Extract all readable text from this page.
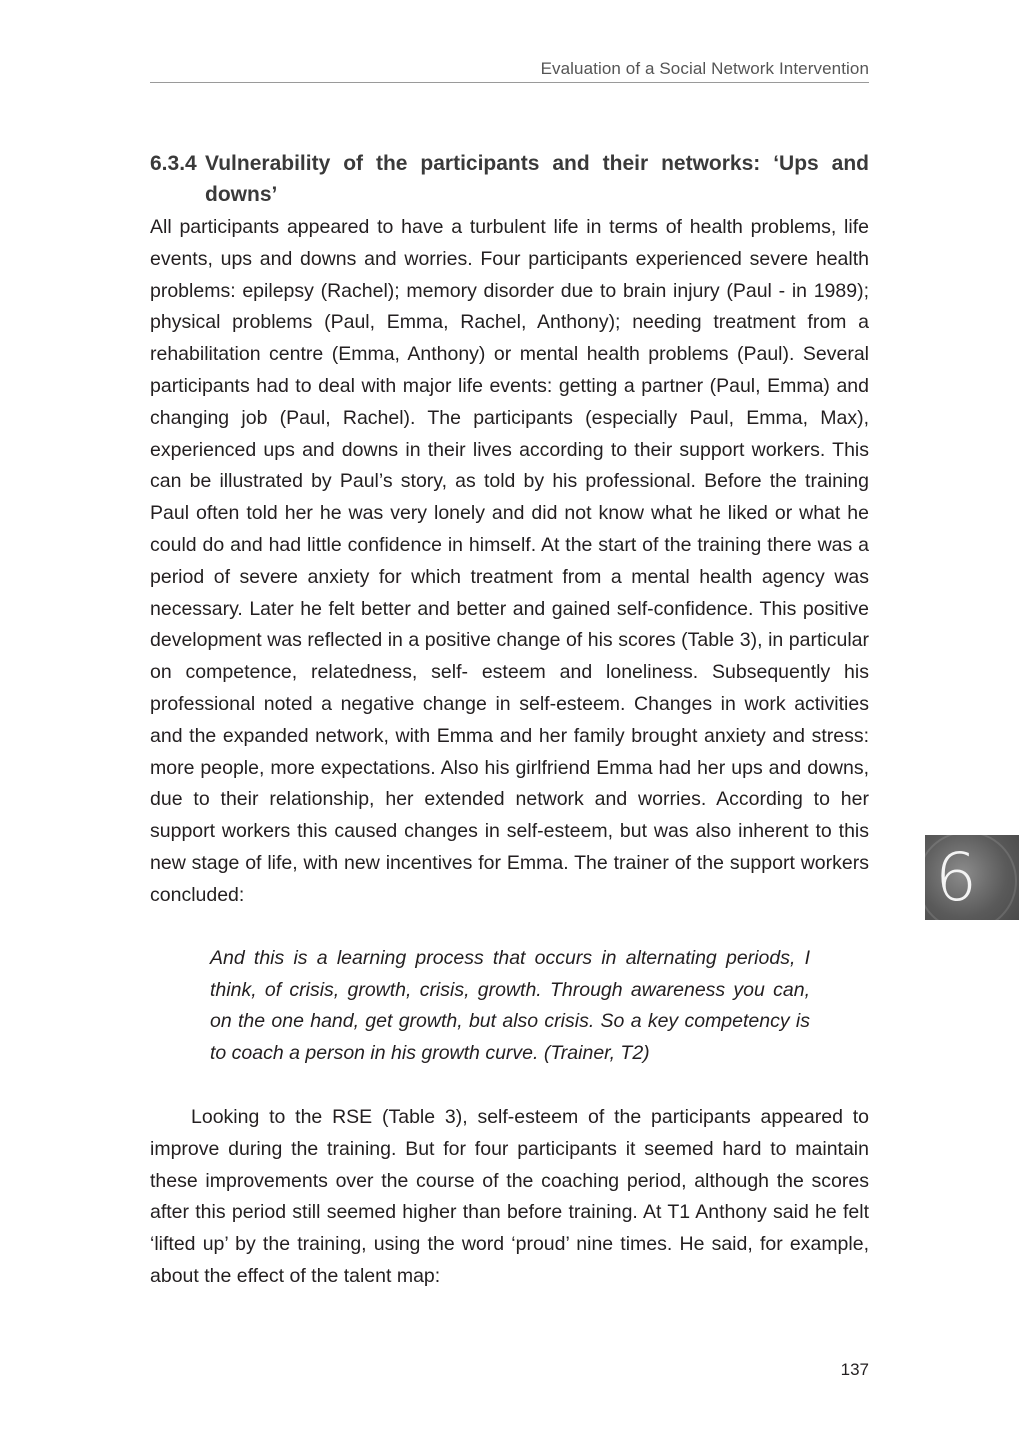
Evaluation of a Social Network Intervention
6.3.4 Vulnerability of the participants and their networks: ‘Ups and downs’

All participants appeared to have a turbulent life in terms of health problems, life events, ups and downs and worries. Four participants experienced severe health problems: epilepsy (Rachel); memory disorder due to brain injury (Paul - in 1989); physical problems (Paul, Emma, Rachel, Anthony); needing treatment from a rehabilitation centre (Emma, Anthony) or mental health problems (Paul). Several participants had to deal with major life events: getting a partner (Paul, Emma) and changing job (Paul, Rachel). The participants (especially Paul, Emma, Max), experienced ups and downs in their lives according to their support workers. This can be illustrated by Paul’s story, as told by his professional. Before the training Paul often told her he was very lonely and did not know what he liked or what he could do and had little confidence in himself. At the start of the training there was a period of severe anxiety for which treatment from a mental health agency was necessary. Later he felt better and better and gained self-confidence. This positive development was reflected in a positive change of his scores (Table 3), in particular on competence, relatedness, self- esteem and loneliness. Subsequently his professional noted a negative change in self-esteem. Changes in work activities and the expanded network, with Emma and her family brought anxiety and stress: more people, more expectations. Also his girlfriend Emma had her ups and downs, due to their relationship, her extended network and worries. According to her support workers this caused changes in self-esteem, but was also inherent to this new stage of life, with new incentives for Emma. The trainer of the support workers concluded:

And this is a learning process that occurs in alternating periods, I think, of crisis, growth, crisis, growth. Through awareness you can, on the one hand, get growth, but also crisis. So a key competency is to coach a person in his growth curve. (Trainer, T2)

Looking to the RSE (Table 3), self-esteem of the participants appeared to improve during the training. But for four participants it seemed hard to maintain these improvements over the course of the coaching period, although the scores after this period still seemed higher than before training. At T1 Anthony said he felt ‘lifted up’ by the training, using the word ‘proud’ nine times. He said, for example, about the effect of the talent map:

6
137
